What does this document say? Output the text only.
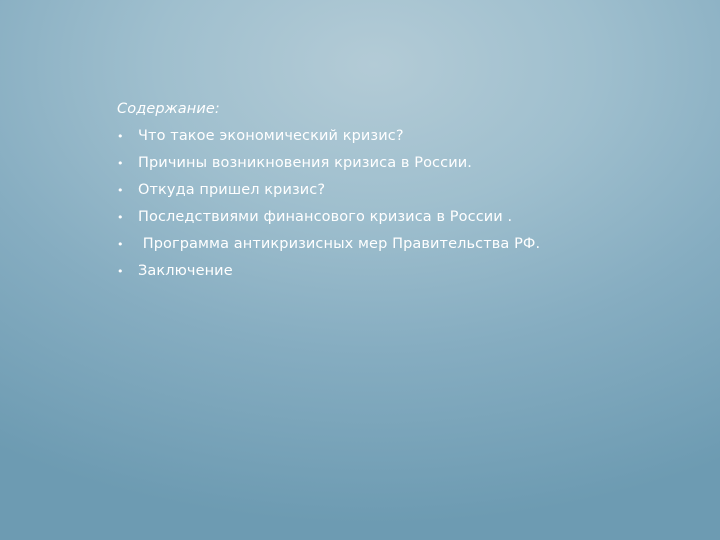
Содержание:
• Что такое экономический кризис?
• Причины возникновения кризиса в России.
• Откуда пришел кризис?
• Последствиями финансового кризиса в России .
• Программа антикризисных мер Правительства РФ.
• Заключение
